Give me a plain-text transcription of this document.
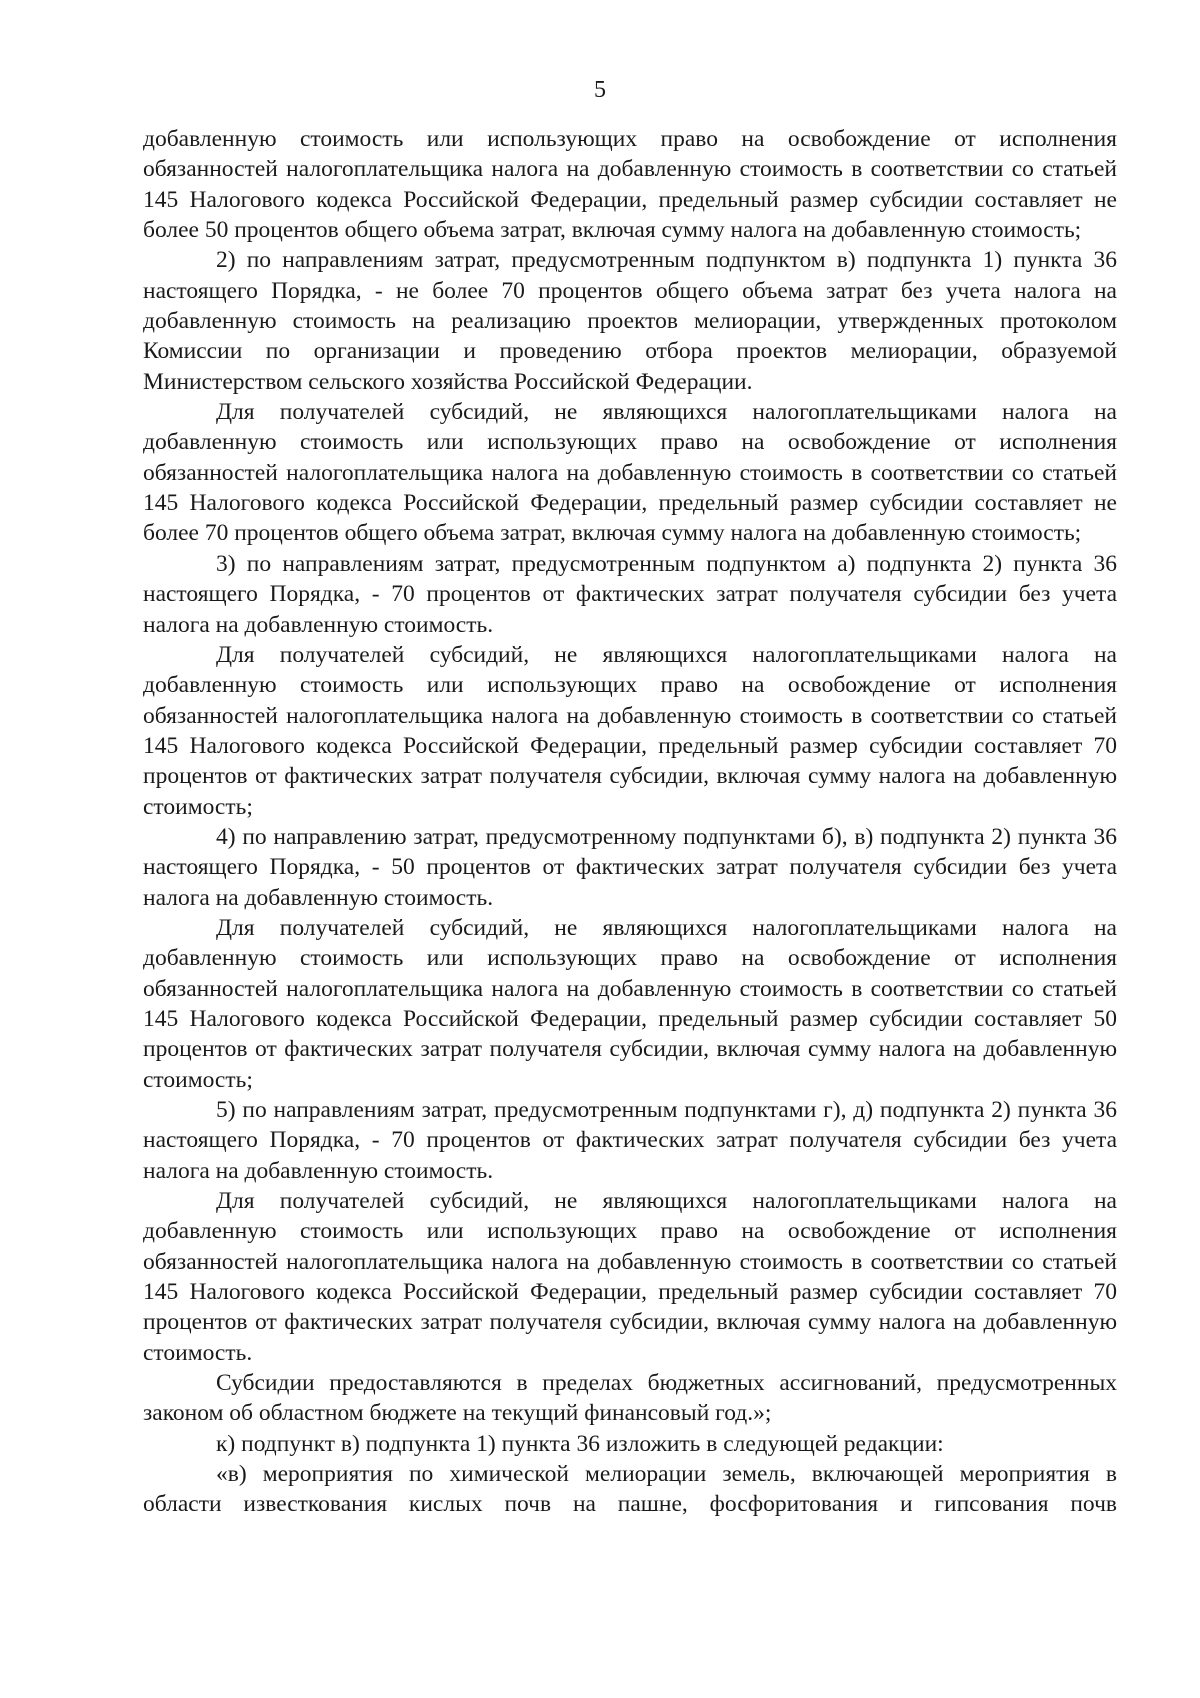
5

добавленную стоимость или использующих право на освобождение от исполнения обязанностей налогоплательщика налога на добавленную стоимость в соответствии со статьей 145 Налогового кодекса Российской Федерации, предельный размер субсидии составляет не более 50 процентов общего объема затрат, включая сумму налога на добавленную стоимость;

2) по направлениям затрат, предусмотренным подпунктом в) подпункта 1) пункта 36 настоящего Порядка, - не более 70 процентов общего объема затрат без учета налога на добавленную стоимость на реализацию проектов мелиорации, утвержденных протоколом Комиссии по организации и проведению отбора проектов мелиорации, образуемой Министерством сельского хозяйства Российской Федерации.

Для получателей субсидий, не являющихся налогоплательщиками налога на добавленную стоимость или использующих право на освобождение от исполнения обязанностей налогоплательщика налога на добавленную стоимость в соответствии со статьей 145 Налогового кодекса Российской Федерации, предельный размер субсидии составляет не более 70 процентов общего объема затрат, включая сумму налога на добавленную стоимость;

3) по направлениям затрат, предусмотренным подпунктом а) подпункта 2) пункта 36 настоящего Порядка, - 70 процентов от фактических затрат получателя субсидии без учета налога на добавленную стоимость.

Для получателей субсидий, не являющихся налогоплательщиками налога на добавленную стоимость или использующих право на освобождение от исполнения обязанностей налогоплательщика налога на добавленную стоимость в соответствии со статьей 145 Налогового кодекса Российской Федерации, предельный размер субсидии составляет 70 процентов от фактических затрат получателя субсидии, включая сумму налога на добавленную стоимость;

4) по направлению затрат, предусмотренному подпунктами б), в) подпункта 2) пункта 36 настоящего Порядка, - 50 процентов от фактических затрат получателя субсидии без учета налога на добавленную стоимость.

Для получателей субсидий, не являющихся налогоплательщиками налога на добавленную стоимость или использующих право на освобождение от исполнения обязанностей налогоплательщика налога на добавленную стоимость в соответствии со статьей 145 Налогового кодекса Российской Федерации, предельный размер субсидии составляет 50 процентов от фактических затрат получателя субсидии, включая сумму налога на добавленную стоимость;

5) по направлениям затрат, предусмотренным подпунктами г), д) подпункта 2) пункта 36 настоящего Порядка, - 70 процентов от фактических затрат получателя субсидии без учета налога на добавленную стоимость.

Для получателей субсидий, не являющихся налогоплательщиками налога на добавленную стоимость или использующих право на освобождение от исполнения обязанностей налогоплательщика налога на добавленную стоимость в соответствии со статьей 145 Налогового кодекса Российской Федерации, предельный размер субсидии составляет 70 процентов от фактических затрат получателя субсидии, включая сумму налога на добавленную стоимость.

Субсидии предоставляются в пределах бюджетных ассигнований, предусмотренных законом об областном бюджете на текущий финансовый год.»;

к) подпункт в) подпункта 1) пункта 36 изложить в следующей редакции:

«в) мероприятия по химической мелиорации земель, включающей мероприятия в области известкования кислых почв на пашне, фосфоритования и гипсования почв
